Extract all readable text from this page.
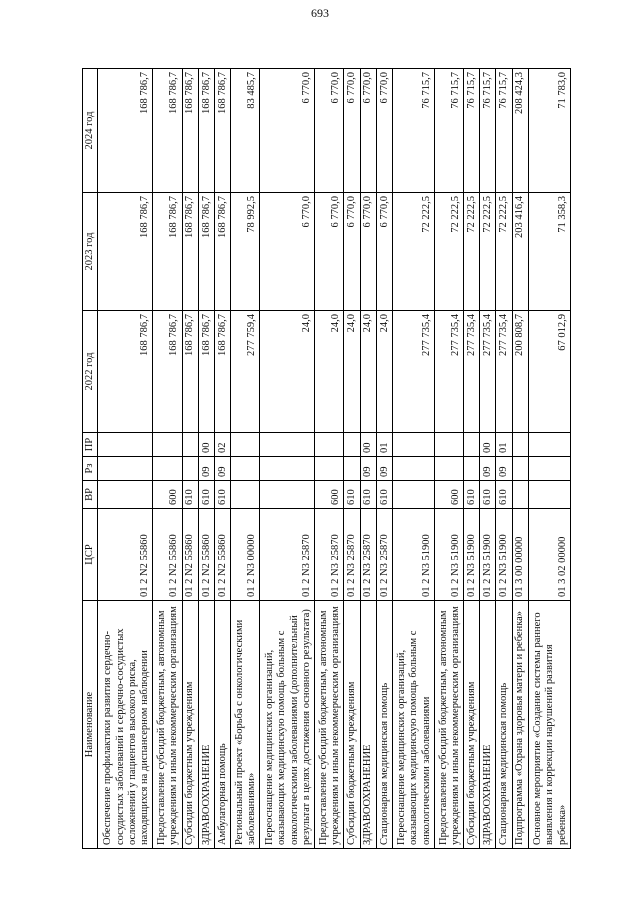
693
Наименование	ЦСР	ВР	Рз	ПР	2022 год	2023 год	2024 год
Обеспечение профилактики развития сердечно-сосудистых заболеваний и сердечно-сосудистых осложнений у пациентов высокого риска, находящихся на диспансерном наблюдении	01 2 N2 55860				168 786,7	168 786,7	168 786,7
Предоставление субсидий бюджетным, автономным учреждениям и иным некоммерческим организациям	01 2 N2 55860	600			168 786,7	168 786,7	168 786,7
Субсидии бюджетным учреждениям	01 2 N2 55860	610			168 786,7	168 786,7	168 786,7
ЗДРАВООХРАНЕНИЕ	01 2 N2 55860	610	09	00	168 786,7	168 786,7	168 786,7
Амбулаторная помощь	01 2 N2 55860	610	09	02	168 786,7	168 786,7	168 786,7
Региональный проект «Борьба с онкологическими заболеваниями»	01 2 N3 00000				277 759,4	78 992,5	83 485,7
Переоснащение медицинских организаций, оказывающих медицинскую помощь больным с онкологическими заболеваниями (дополнительный результат в целях достижения основного результата)	01 2 N3 25870				24,0	6 770,0	6 770,0
Предоставление субсидий бюджетным, автономным учреждениям и иным некоммерческим организациям	01 2 N3 25870	600			24,0	6 770,0	6 770,0
Субсидии бюджетным учреждениям	01 2 N3 25870	610			24,0	6 770,0	6 770,0
ЗДРАВООХРАНЕНИЕ	01 2 N3 25870	610	09	00	24,0	6 770,0	6 770,0
Стационарная медицинская помощь	01 2 N3 25870	610	09	01	24,0	6 770,0	6 770,0
Переоснащение медицинских организаций, оказывающих медицинскую помощь больным с онкологическими заболеваниями	01 2 N3 51900				277 735,4	72 222,5	76 715,7
Предоставление субсидий бюджетным, автономным учреждениям и иным некоммерческим организациям	01 2 N3 51900	600			277 735,4	72 222,5	76 715,7
Субсидии бюджетным учреждениям	01 2 N3 51900	610			277 735,4	72 222,5	76 715,7
ЗДРАВООХРАНЕНИЕ	01 2 N3 51900	610	09	00	277 735,4	72 222,5	76 715,7
Стационарная медицинская помощь	01 2 N3 51900	610	09	01	277 735,4	72 222,5	76 715,7
Подпрограмма «Охрана здоровья матери и ребенка»	01 3 00 00000				200 808,7	203 416,4	208 424,3
Основное мероприятие «Создание системы раннего выявления и коррекции нарушений развития ребенка»	01 3 02 00000				67 012,9	71 358,3	71 783,0
